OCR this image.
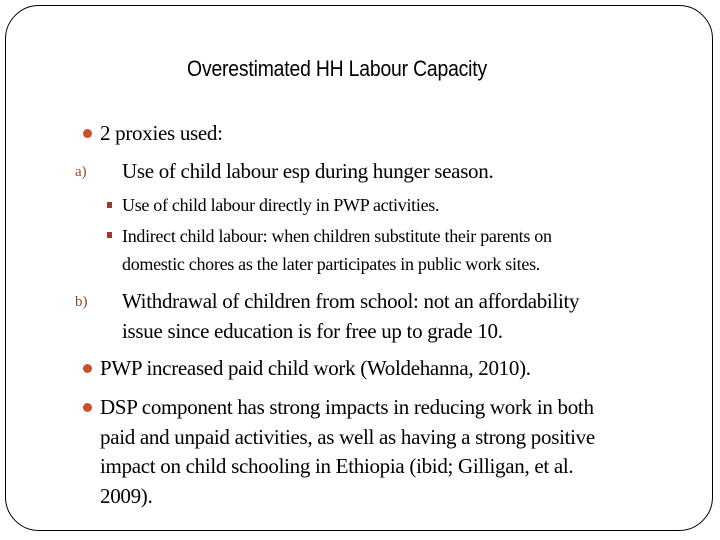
Overestimated HH Labour Capacity
2 proxies used:
a) Use of child labour esp during hunger season.
Use of child labour directly in PWP activities.
Indirect child labour: when children substitute their parents on
domestic chores as the later participates in public work sites.
b) Withdrawal of children from school: not an affordability
issue since education is for free up to grade 10.
PWP increased paid child work (Woldehanna, 2010).
DSP component has strong impacts in reducing work in both
paid and unpaid activities, as well as having a strong positive
impact on child schooling in Ethiopia (ibid; Gilligan, et al.
2009).
